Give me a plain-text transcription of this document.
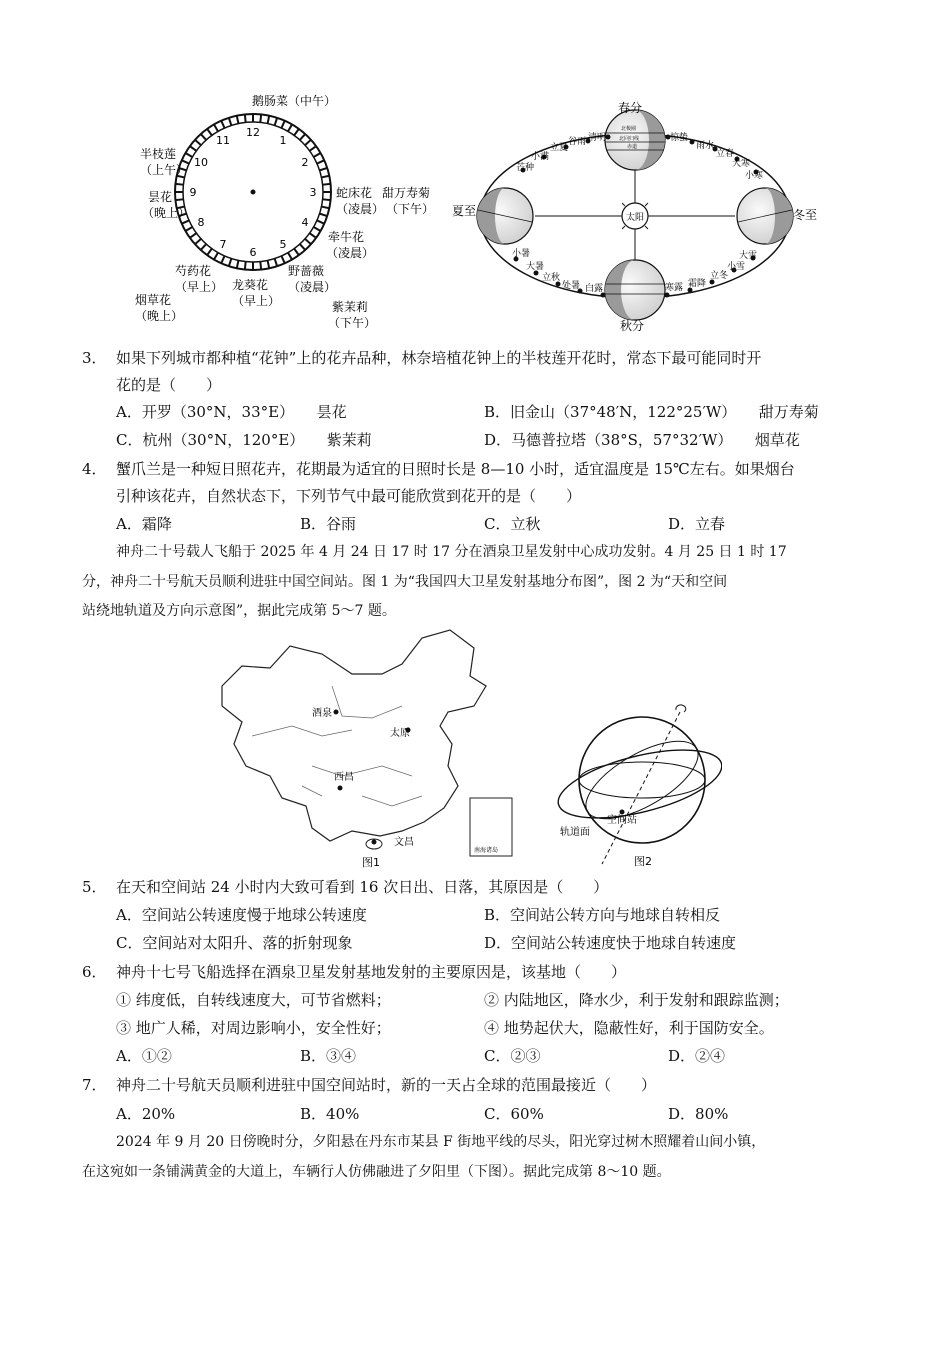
鹅肠菜（中午）
12
1
2
3
4
5
6
7
8
9
10
11
半枝莲
（上午）
昙花
（晚上）
蛇床花
（凌晨）
甜万寿菊
（下午）
牵牛花
（凌晨）
野蔷薇
（凌晨）
龙葵花
（早上）
芍药花
（早上）
烟草花
（晚上）
紫茉莉
（下午）
太阳
北极圈
北回归线
赤道
春分
夏至	冬至
秋分
芒种
小满
立夏
谷雨 清明	惊蛰
雨水
立春
大寒
小寒
小暑
大暑
立秋
处暑 白露	寒露 霜降
立冬
小雪
大雪
3． 如果下列城市都种植“花钟”上的花卉品种，林奈培植花钟上的半枝莲开花时，常态下最可能同时开
花的是（　　）
A．开罗（30°N，33°E）　　昙花	B．旧金山（37°48′N，122°25′W）　　甜万寿菊
C．杭州（30°N，120°E）　　紫茉莉	D．马德普拉塔（38°S，57°32′W）　　烟草花
4． 蟹爪兰是一种短日照花卉，花期最为适宜的日照时长是 8—10 小时，适宜温度是 15℃左右。如果烟台
引种该花卉，自然状态下，下列节气中最可能欣赏到花开的是（　　）
A．霜降	B．谷雨	C．立秋	D．立春
神舟二十号载人飞船于 2025 年 4 月 24 日 17 时 17 分在酒泉卫星发射中心成功发射。4 月 25 日 1 时 17
分，神舟二十号航天员顺利进驻中国空间站。图 1 为“我国四大卫星发射基地分布图”，图 2 为“天和空间
站绕地轨道及方向示意图”，据此完成第 5～7 题。
酒泉
太原
西昌
文昌
南海诸岛
图1
空间站
轨道面
图2
5． 在天和空间站 24 小时内大致可看到 16 次日出、日落，其原因是（　　）
A．空间站公转速度慢于地球公转速度	B．空间站公转方向与地球自转相反
C．空间站对太阳升、落的折射现象	D．空间站公转速度快于地球自转速度
6． 神舟十七号飞船选择在酒泉卫星发射基地发射的主要原因是，该基地（　　）
① 纬度低，自转线速度大，可节省燃料；	② 内陆地区，降水少，利于发射和跟踪监测；
③ 地广人稀，对周边影响小，安全性好；	④ 地势起伏大，隐蔽性好，利于国防安全。
A．①②	B．③④	C．②③	D．②④
7． 神舟二十号航天员顺利进驻中国空间站时，新的一天占全球的范围最接近（　　）
A．20%	B．40%	C．60%	D．80%
2024 年 9 月 20 日傍晚时分，夕阳悬在丹东市某县 F 街地平线的尽头，阳光穿过树木照耀着山间小镇，
在这宛如一条铺满黄金的大道上，车辆行人仿佛融进了夕阳里（下图）。据此完成第 8～10 题。
